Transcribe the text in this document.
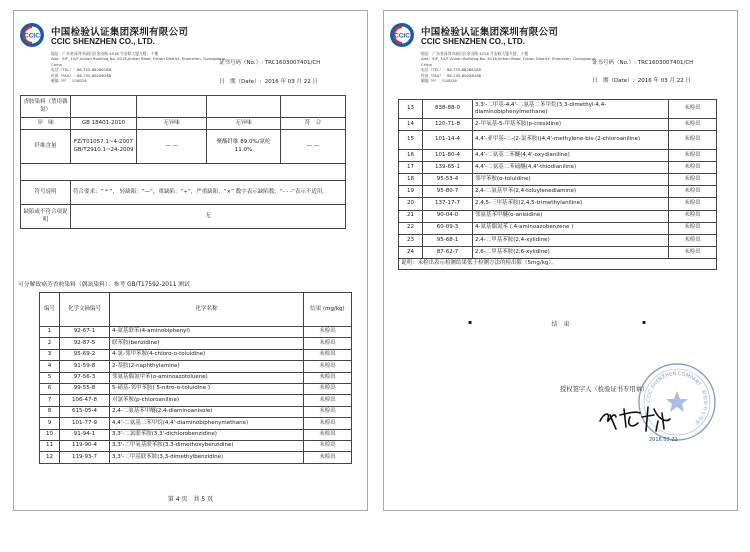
CCIC 中国检验认证集团深圳有限公司
CCIC SHENZHEN CO., LTD.
地址：广东省深圳市福田区金田路 4018 号安联大厦九楼，十楼
Add：9/F, 10/F,Anlian Building,No. 4018,Jintian Road, Futian District, Shenzhen, Guangdong, China
电话（TEL）：86-755-88286188
传真（FAX）：86-755-88286288
邮编（P）：518026
证书号码（No.）: TRC1603007401/CH
日　期（Date）: 2016 年 03 月 22 日
香胺染料（禁用偶氮）				
异　味	GB 18401-2010	无异味	无异味	符　合
纤维含量	FZ/T01057.1~4-2007 GB/T2910.1~24-2009	— —	聚酯纤维 89.0%/氨纶 11.0%	— —

符号说明	符合要求：“ * ”， 轻缺陷：“—”，重缺陷：“÷”，严重缺陷：“×” 数字表示缺陷数，“- - -”表示不适用。			
缺陷或不符合项说明	无			
可分解致癌芳香胺染料（偶氮染料）：参考 GB/T17592-2011 测试
编号	化学文摘编号	化学名称	结果 (mg/kg)
1	92-67-1	4-氨基联苯(4-aminobiphenyl)	未检出
2	92-87-5	联苯胺(benzidine)	未检出
3	95-69-2	4-氯-邻甲苯胺(4-chloro-o-toluidine)	未检出
4	91-59-8	2-萘胺(2-naphthylamine)	未检出
5	97-56-3	邻氨基偶氮甲苯(o-aminoazotoluene)	未检出
6	99-55-8	5-硝基-邻甲苯胺( 5-nitro-o-toluidine )	未检出
7	106-47-8	对氯苯胺(p-chloroaniline)	未检出
8	615-05-4	2,4-二氨基苯甲醚(2,4-diaminoanisole)	未检出
9	101-77-9	4,4'-二氨基二苯甲烷(4,4'-diaminobiphenymethane)	未检出
10	91-94-1	3,3'-二氯联苯胺(3,3'-dichlorobenzidine)	未检出
11	119-90-4	3,3'-二甲氧基联苯胺(3,3-dimethoxybenzidine)	未检出
12	119-93-7	3,3'-二甲基联苯胺(3,3-dimethylbenzidine)	未检出
第 4 页　共 5 页
CCIC 中国检验认证集团深圳有限公司
CCIC SHENZHEN CO., LTD.
地址：广东省深圳市福田区金田路 4018 号安联大厦九楼，十楼
Add：9/F, 10/F,Anlian Building,No. 4018,Jintian Road, Futian District, Shenzhen, Guangdong, China
电话（TEL）：86-755-88286188
传真（FAX）：86-755-88286288
邮编（P）：518026
证书号码（No.）: TRC1603007401/CH
日　期（Date）: 2016 年 03 月 22 日
13	838-88-0	3,3'-二甲基-4,4'-二氨基二苯甲烷(3,3-dimethyl-4,4-diaminobiphenylmethane)	未检出
14	120-71-8	2-甲氧基-5-甲基苯胺(p-cresidine)	未检出
15	101-14-4	4,4'-亚甲基-二-(2-氯苯胺)(4,4'-methylene-bis-(2-chloroaniline)	未检出
16	101-80-4	4,4'-二氨基二苯醚(4,4'-oxydianiline)	未检出
17	139-65-1	4,4'-二氨基二苯硫醚(4,4'-thiodianiline)	未检出
18	95-53-4	邻甲苯胺(o-toluidine)	未检出
19	95-80-7	2,4-二氨基甲苯(2,4-toluylenediamine)	未检出
20	137-17-7	2,4,5-三甲基苯胺(2,4,5-trimethylaniline)	未检出
21	90-04-0	邻氨基苯甲醚(o-anisidine)	未检出
22	60-09-3	4-氨基偶氮苯 ( 4-aminoazobenzene )	未检出
23	95-68-1	2,4-二甲基苯胺(2,4-xylidine)	未检出
24	87-62-7	2,6-二甲基苯胺(2,6-xylidine)	未检出
说明：未检出表示检测结果低于检测方法的检出限（5mg/kg）。			
▪	结　束	▪
CCIC SHENZHEN COMPANY · 检验证书专用章
授权签字人（检验证书专用章）
2016.03.22
